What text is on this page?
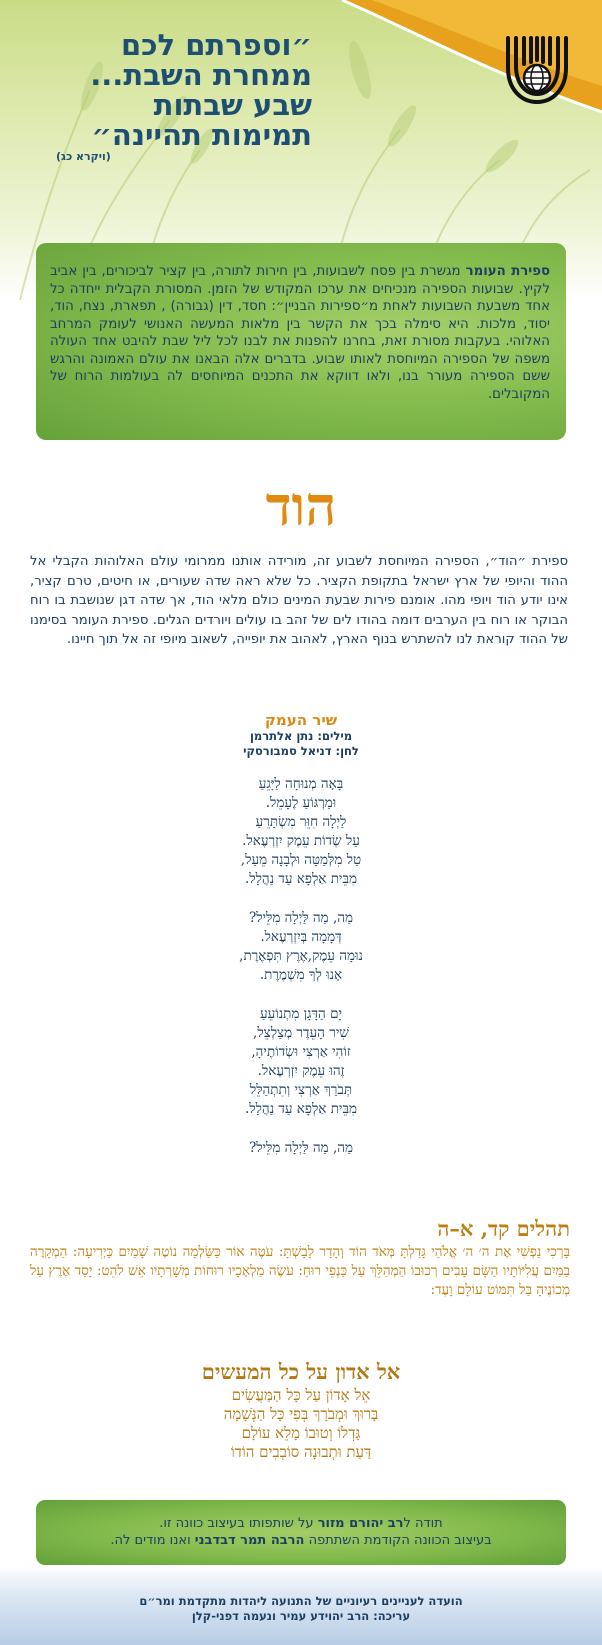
״וספרתם לכם
ממחרת השבת...
שבע שבתות
תמימות תהיינה״
(ויקרא כג)
ספירת העומר מגשרת בין פסח לשבועות, בין חירות לתורה, בין קציר לביכורים, בין אביב לקיץ. שבועות הספירה מנכיחים את ערכו המקודש של הזמן. המסורת הקבלית ייחדה כל אחד משבעת השבועות לאחת מ״ספירות הבניין״: חסד, דין (גבורה) , תפארת, נצח, הוד, יסוד, מלכות. היא סימלה בכך את הקשר בין מלאות המעשה האנושי לעומק המרחב האלוהי. בעקבות מסורת זאת, בחרנו להפנות את לבנו לכל ליל שבת להיבט אחד העולה משפה של הספירה המיוחסת לאותו שבוע. בדברים אלה הבאנו את עולם האמונה והרגש ששם הספירה מעורר בנו, ולאו דווקא את התכנים המיוחסים לה בעולמות הרוח של המקובלים.
הוד
ספירת ״הוד״, הספירה המיוחסת לשבוע זה, מורידה אותנו ממרומי עולם האלוהות הקבלי אל ההוד והיופי של ארץ ישראל בתקופת הקציר. כל שלא ראה שדה שעורים, או חיטים, טרם קציר, אינו יודע הוד ויופי מהו. אומנם פירות שבעת המינים כולם מלאי הוד, אך שדה דגן שנושבת בו רוח הבוקר או רוח בין הערבים דומה בהודו לים של זהב בו עולים ויורדים הגלים. ספירת העומר בסימנו של ההוד קוראת לנו להשתרש בנוף הארץ, לאהוב את יופייה, לשאוב מיופי זה אל תוך חיינו.
שיר העמק
מילים: נתן אלתרמן
לחן: דניאל סמבורסקי
בָּאָה מְנוּחָה לַיָּגֵעַ
וּמַרְגּוֹעַ לֶעָמֵל.
לַיְלָה חִוֵּר מִשְׂתָּרֵעַ
עַל שְׂדוֹת עֵמֶק יִזְרְעֶאל.
טַל מִלְּמַטָּה וּלְבָנָה מֵעַל,
מִבֵּית אַלְפָא עַד נַהֲלָל.
מַה, מַה לַּיְלָה מִלֵּיל?
דְּמָמָה בְּיִזְרְעֶאל.
נוּמָה עֵמֶק,אֶרֶץ תִּפְאֶרֶת,
אָנוּ לְךָ מִשְׁמֶרֶת.
יָם הַדָּגָן מִתְנוֹעֵעַ
שִׁיר הָעֵדֶר מְצַלְצֵל,
זוֹהִי אַרְצִי וּשְׂדוֹתֶיהָ,
זֶהוּ עֵמֶק יִזְרְעֶאל.
תְּבֹרַךְ אַרְצִי וְתִתְהַלֵּל
מִבֵּית אַלְפָא עַד נַהֲלָל.
מַה, מַה לַּיְלָה מִלֵּיל?
תהלים קד, א–ה
בָּרְכִי נַפְשִׁי אֶת ה׳ ה׳ אֱלֹהַי גָּדַלְתָּ מְּאֹד הוֹד וְהָדָר לָבָשְׁתָּ: עֹטֶה אוֹר כַּשַּׂלְמָה נוֹטֶה שָׁמַיִם כַּיְרִיעָה: הַמְקָרֶה בַמַּיִם עֲלִיּוֹתָיו הַשָּׂם עָבִים רְכוּבוֹ הַמְהַלֵּךְ עַל כַּנְפֵי רוּחַ: עֹשֶׂה מַלְאָכָיו רוּחוֹת מְשָׁרְתָיו אֵשׁ לֹהֵט: יָסַד אֶרֶץ עַל מְכוֹנֶיהָ בַּל תִּמּוֹט עוֹלָם וָעֶד:
אל אדון על כל המעשים
אֵל אָדוֹן עַל כָּל הַמַּעֲשִׂים
בָּרוּךְ וּמְבֹרָךְ בְּפִי כָּל הַנְּשָׁמָה
גָּדְלוֹ וְטוּבוֹ מָלֵא עוֹלָם
דַּעַת וּתְבוּנָה סוֹבְבִים הוֹדוֹ
תודה לרב יהורם מזור על שותפותו בעיצוב כוונה זו.
בעיצוב הכוונה הקודמת השתתפה הרבה תמר דבדבני ואנו מודים לה.
הועדה לעניינים רעיוניים של התנועה ליהדות מתקדמת ומר״ם
עריכה: הרב יהוידע עמיר ונעמה דפני-קלן
